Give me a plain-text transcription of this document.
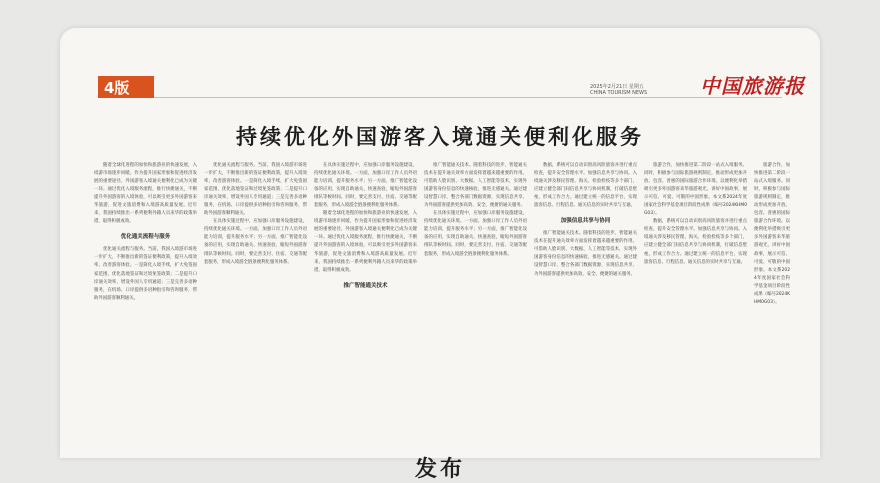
4版	2025年2月21日 星期五
CHINA TOURISM NEWS	中国旅游报
持续优化外国游客入境通关便利化服务

随着全球化进程的加快和旅游业的快速发展，入境游市场逐步回暖，作为提升国家形象和促进经济发展的重要途径，外国游客入境通关便利化已成为关键一环。通过优化入境服务流程，推行快捷通关，不断提升外国游客的入境体验，可以吸引更多外国游客来华旅游，促进文旅消费和入境游高质量发展。近年来，我国持续推出一系列便利外籍人员来华的政策举措，取得积极成效。

优化通关流程与服务

优化通关流程与服务。当前，我国入境游市场进一步扩大，不断推出新的签证便利政策，提升入境效率，改善游客体验。一是简化入境手续，扩大免签国家范围，优化落地签证和过境免签政策；二是提升口岸通关效率，增设外国人专用通道；三是完善多语种服务，在机场、口岸提供多语种指引和咨询服务，帮助外国游客顺利通关。

优化通关流程与服务。当前，我国入境游市场进一步扩大，不断推出新的签证便利政策，提升入境效率，改善游客体验。一是简化入境手续，扩大免签国家范围，优化落地签证和过境免签政策；二是提升口岸通关效率，增设外国人专用通道；三是完善多语种服务，在机场、口岸提供多语种指引和咨询服务，帮助外国游客顺利通关。

在具体实施过程中，应加强口岸服务设施建设，持续优化通关环境。一方面，加强口岸工作人员外语能力培训，提升服务水平；另一方面，推广智能化设备的应用，实现自助通关、快速查验，缩短外国游客排队等候时间。同时，要完善支付、住宿、交通等配套服务，形成入境游全链条便利化服务体系。

在具体实施过程中，应加强口岸服务设施建设，持续优化通关环境。一方面，加强口岸工作人员外语能力培训，提升服务水平；另一方面，推广智能化设备的应用，实现自助通关、快速查验，缩短外国游客排队等候时间。同时，要完善支付、住宿、交通等配套服务，形成入境游全链条便利化服务体系。

随着全球化进程的加快和旅游业的快速发展，入境游市场逐步回暖，作为提升国家形象和促进经济发展的重要途径，外国游客入境通关便利化已成为关键一环。通过优化入境服务流程，推行快捷通关，不断提升外国游客的入境体验，可以吸引更多外国游客来华旅游，促进文旅消费和入境游高质量发展。近年来，我国持续推出一系列便利外籍人员来华的政策举措，取得积极成效。

推广智能通关技术

推广智能通关技术。随着科技的进步，智能通关技术在提升通关效率方面发挥着越来越重要的作用。可借助人脸识别、大数据、人工智能等技术，实现外国游客身份信息的快速核验，推进无感通关。通过建设智慧口岸，整合各部门数据资源，实现信息共享，为外国游客提供更加高效、安全、便捷的通关服务。

在具体实施过程中，应加强口岸服务设施建设，持续优化通关环境。一方面，加强口岸工作人员外语能力培训，提升服务水平；另一方面，推广智能化设备的应用，实现自助通关、快速查验，缩短外国游客排队等候时间。同时，要完善支付、住宿、交通等配套服务，形成入境游全链条便利化服务体系。

数据，系统可以自动识别高风险旅客并进行重点检查，提升安全管理水平。加强信息共享与协同。入境通关涉及移民管理、海关、检验检疫等多个部门，应建立健全部门间信息共享与协同机制，打破信息壁垒，形成工作合力。通过建立统一的信息平台，实现旅客信息、行程信息、通关信息的实时共享与互通。

加强信息共享与协同

推广智能通关技术。随着科技的进步，智能通关技术在提升通关效率方面发挥着越来越重要的作用。可借助人脸识别、大数据、人工智能等技术，实现外国游客身份信息的快速核验，推进无感通关。通过建设智慧口岸，整合各部门数据资源，实现信息共享，为外国游客提供更加高效、安全、便捷的通关服务。

旅游合作，加快推进第二阶段一站式入境服务。同时，积极参与国际旅游规则制定，推动形成更加开放、包容、普惠的国际旅游合作环境。以便利化举措吸引更多外国游客来华旅游观光，讲好中国故事，展示可信、可爱、可敬的中国形象。本文系2024年度国家社会科学基金项目阶段性成果（编号2024KHM0G03）。

数据，系统可以自动识别高风险旅客并进行重点检查，提升安全管理水平。加强信息共享与协同。入境通关涉及移民管理、海关、检验检疫等多个部门，应建立健全部门间信息共享与协同机制，打破信息壁垒，形成工作合力。通过建立统一的信息平台，实现旅客信息、行程信息、通关信息的实时共享与互通。

旅游合作，加快推进第二阶段一站式入境服务。同时，积极参与国际旅游规则制定，推动形成更加开放、包容、普惠的国际旅游合作环境。以便利化举措吸引更多外国游客来华旅游观光，讲好中国故事，展示可信、可爱、可敬的中国形象。本文系2024年度国家社会科学基金项目阶段性成果（编号2024KHM0G03）。

发布
